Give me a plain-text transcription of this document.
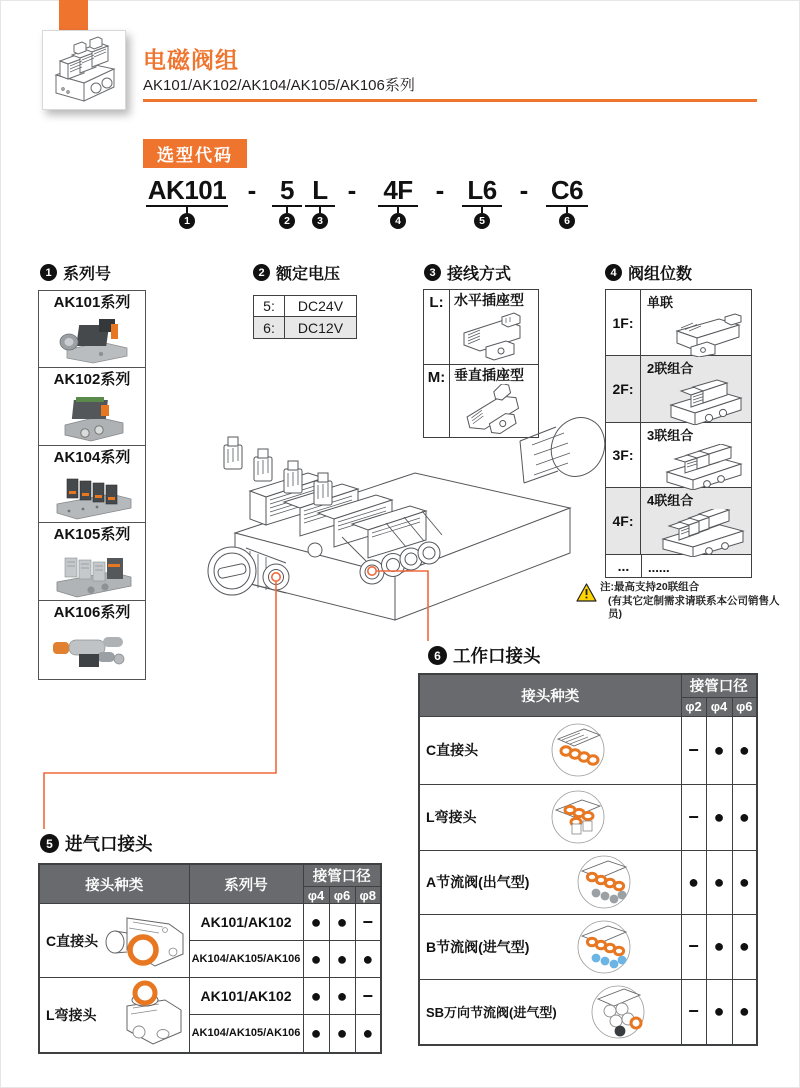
电磁阀组
AK101/AK102/AK104/AK105/AK106系列
选型代码
AK101
1
- 5
2
L
3
- 4F
4
- L6
5
- C6
6
1 系列号	2 额定电压	3 接线方式	4 阀组位数
AK101系列
AK102系列
AK104系列
AK105系列
AK106系列
5:	DC24V
6:	DC12V
L: 水平插座型
M: 垂直插座型
1F:
单联
2F:
2联组合
3F:
3联组合
4F:
4联组合
...	......
注:最高支持20联组合
(有其它定制需求请联系本公司销售人员)
6 工作口接头
接头种类	接管口径		
	φ2	φ4	φ6

C直接头	−	●	●

L弯接头	−	●	●

A节流阀(出气型)	●	●	●

B节流阀(进气型)	−	●	●

SB万向节流阀(进气型)	−	●	●
5 进气口接头
接头种类	系列号	接管口径		
		φ4	φ6	φ8

C直接头	AK101/AK102	●	●	−
	AK104/AK105/AK106	●	●	●

L弯接头	AK101/AK102	●	●	−
	AK104/AK105/AK106	●	●	●
